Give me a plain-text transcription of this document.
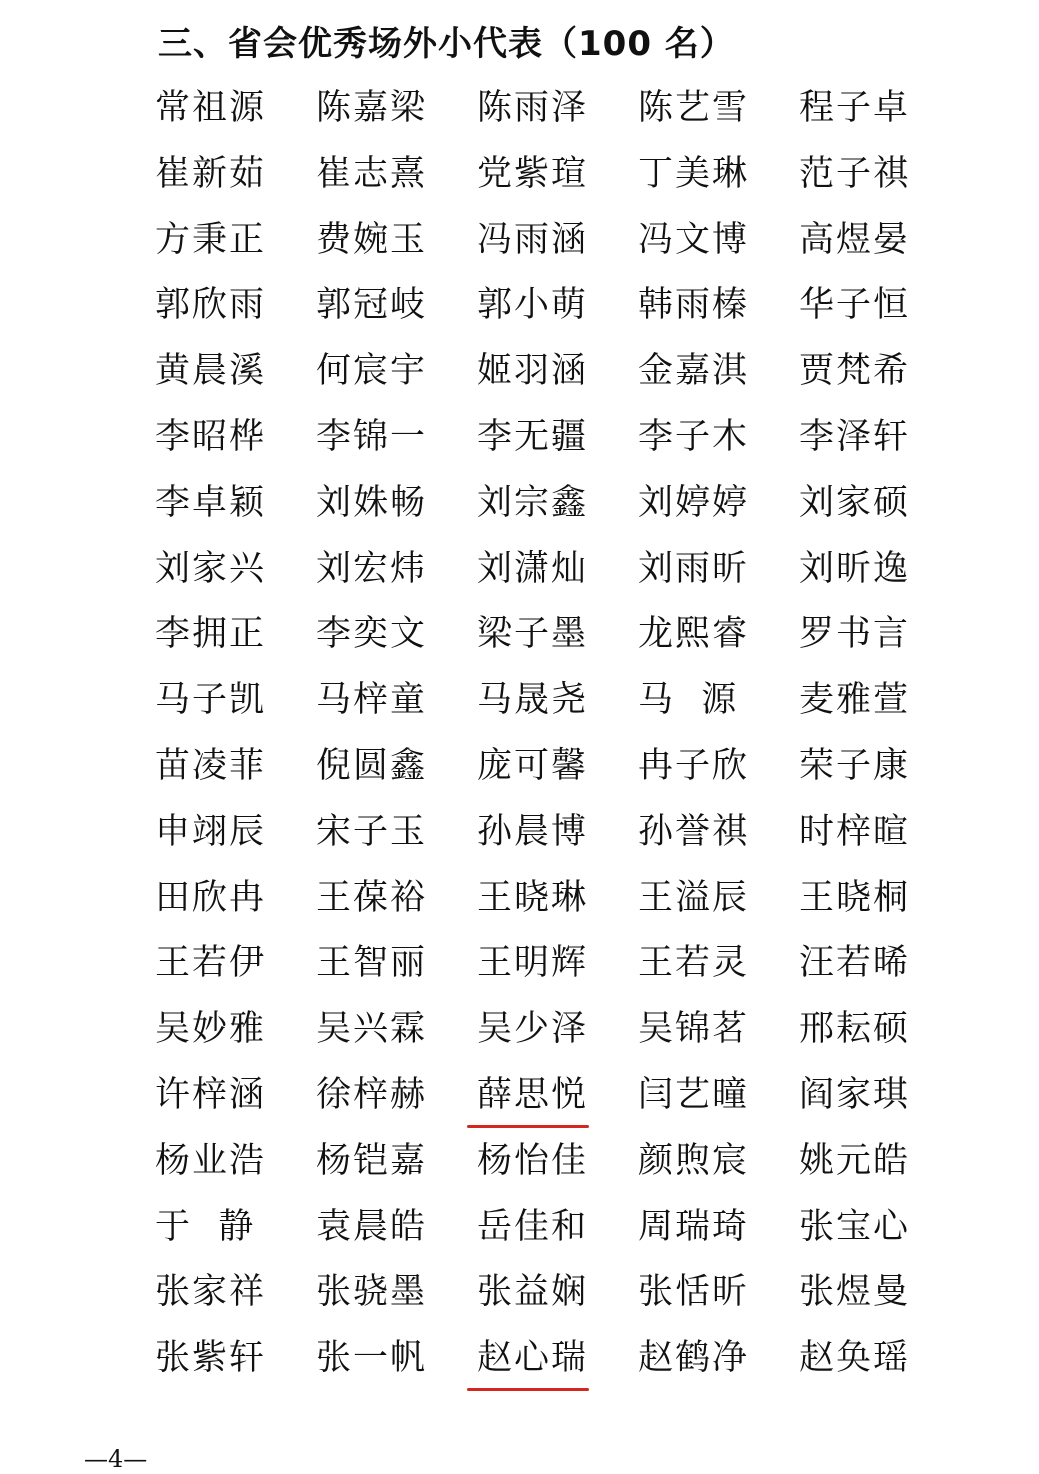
三、省会优秀场外小代表（100 名）
常祖源	陈嘉梁	陈雨泽	陈艺雪	程子卓
崔新茹	崔志熹	党紫瑄	丁美琳	范子祺
方秉正	费婉玉	冯雨涵	冯文博	高煜晏
郭欣雨	郭冠岐	郭小萌	韩雨榛	华子恒
黄晨溪	何宸宇	姬羽涵	金嘉淇	贾梵希
李昭桦	李锦一	李无疆	李子木	李泽轩
李卓颖	刘姝畅	刘宗鑫	刘婷婷	刘家硕
刘家兴	刘宏炜	刘潇灿	刘雨昕	刘昕逸
李拥正	李奕文	梁子墨	龙熙睿	罗书言
马子凯	马梓童	马晟尧	马  源	麦雅萱
苗凌菲	倪圆鑫	庞可馨	冉子欣	荣子康
申翊辰	宋子玉	孙晨博	孙誉祺	时梓暄
田欣冉	王葆裕	王晓琳	王溢辰	王晓桐
王若伊	王智丽	王明辉	王若灵	汪若晞
吴妙雅	吴兴霖	吴少泽	吴锦茗	邢耘硕
许梓涵	徐梓赫	薛思悦	闫艺曈	阎家琪
杨业浩	杨铠嘉	杨怡佳	颜煦宸	姚元皓
于  静	袁晨皓	岳佳和	周瑞琦	张宝心
张家祥	张骁墨	张益娴	张恬昕	张煜曼
张紫轩	张一帆	赵心瑞	赵鹤净	赵奂瑶
—4—
